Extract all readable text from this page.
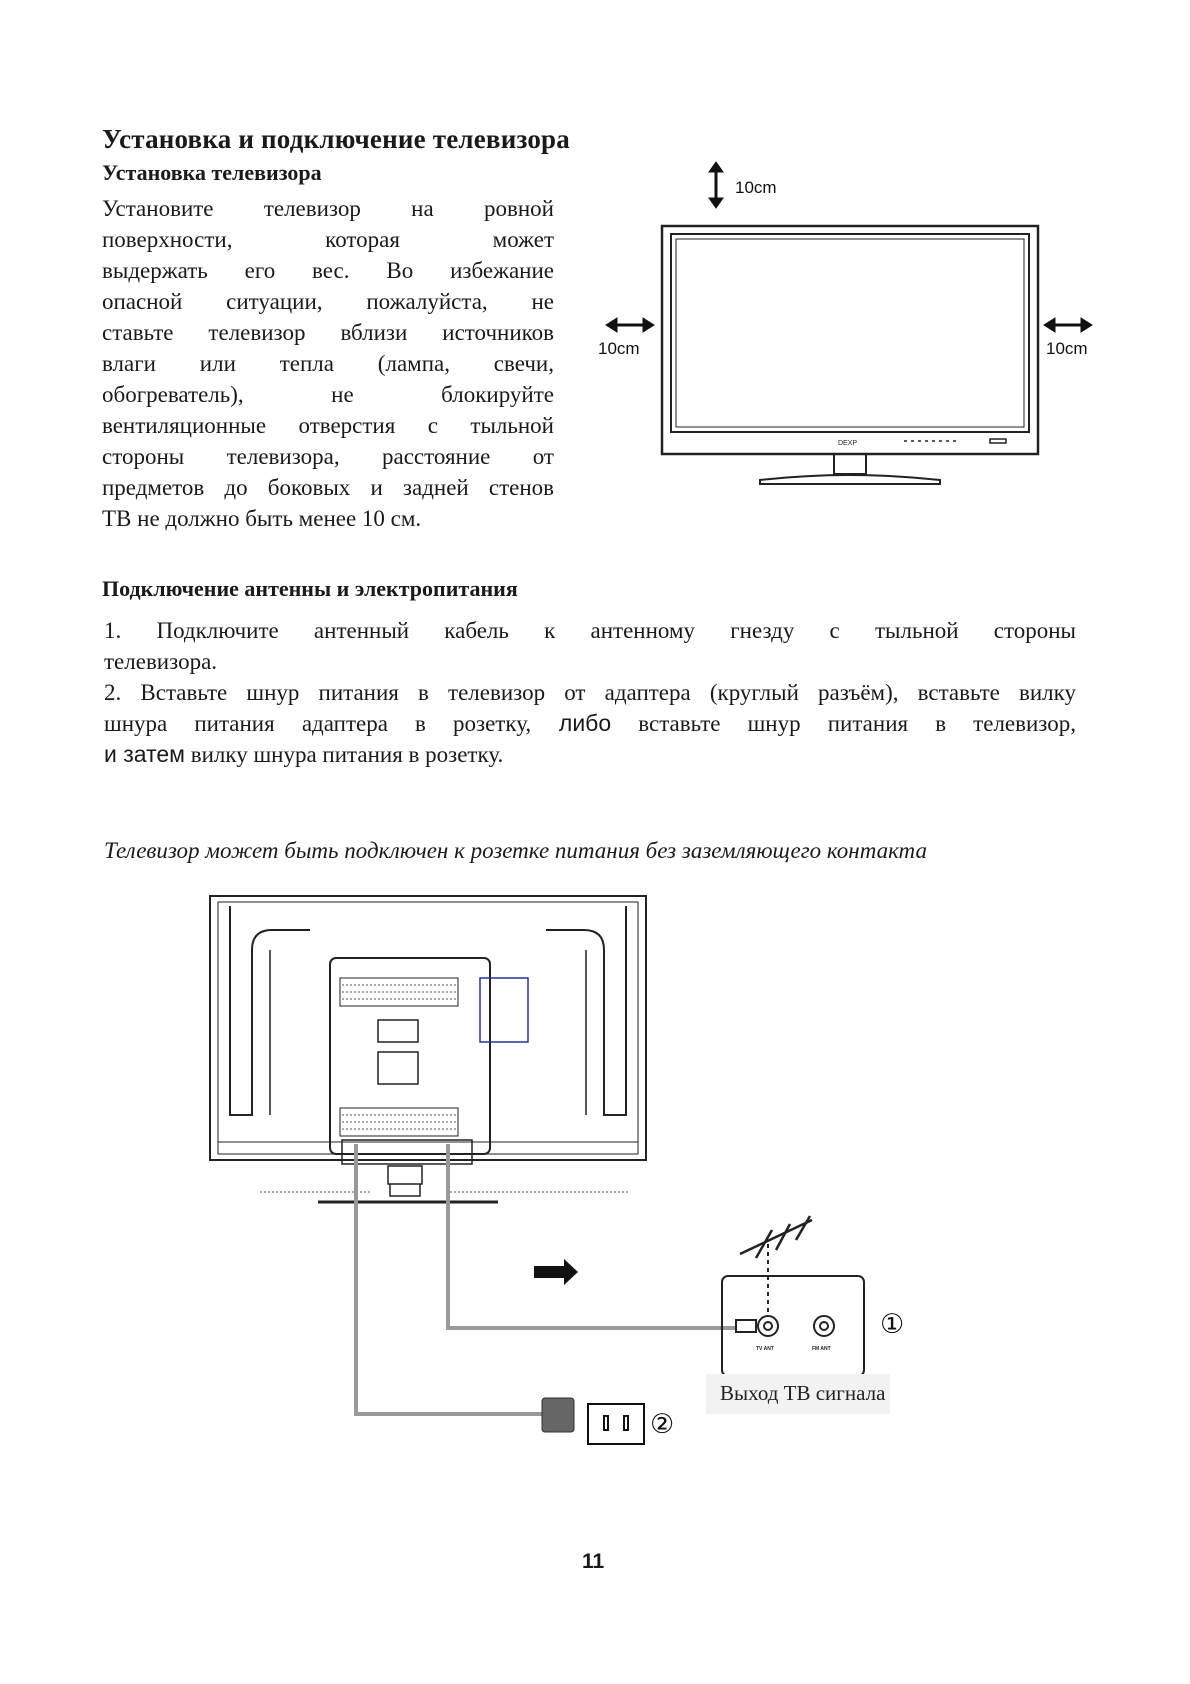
Установка и подключение телевизора
Установка телевизора
Установите телевизор на ровной
поверхности, которая может
выдержать его вес. Во избежание
опасной ситуации, пожалуйста, не
ставьте телевизор вблизи источников
влаги или тепла (лампа, свечи,
обогреватель), не блокируйте
вентиляционные отверстия с тыльной
стороны телевизора, расстояние от
предметов до боковых и задней стенов
ТВ не должно быть менее 10 см.
10cm
10cm	10cm
DEXP
Подключение антенны и электропитания
1. Подключите антенный кабель к антенному гнезду с тыльной стороны
телевизора.
2. Вставьте шнур питания в телевизор от адаптера (круглый разъём), вставьте вилку
шнура питания адаптера в розетку, либо вставьте шнур питания в телевизор,
и затем вилку шнура питания в розетку.
Телевизор может быть подключен к розетке питания без заземляющего контакта
TV ANT	FM ANT
①
②
Выход ТВ сигнала
11
